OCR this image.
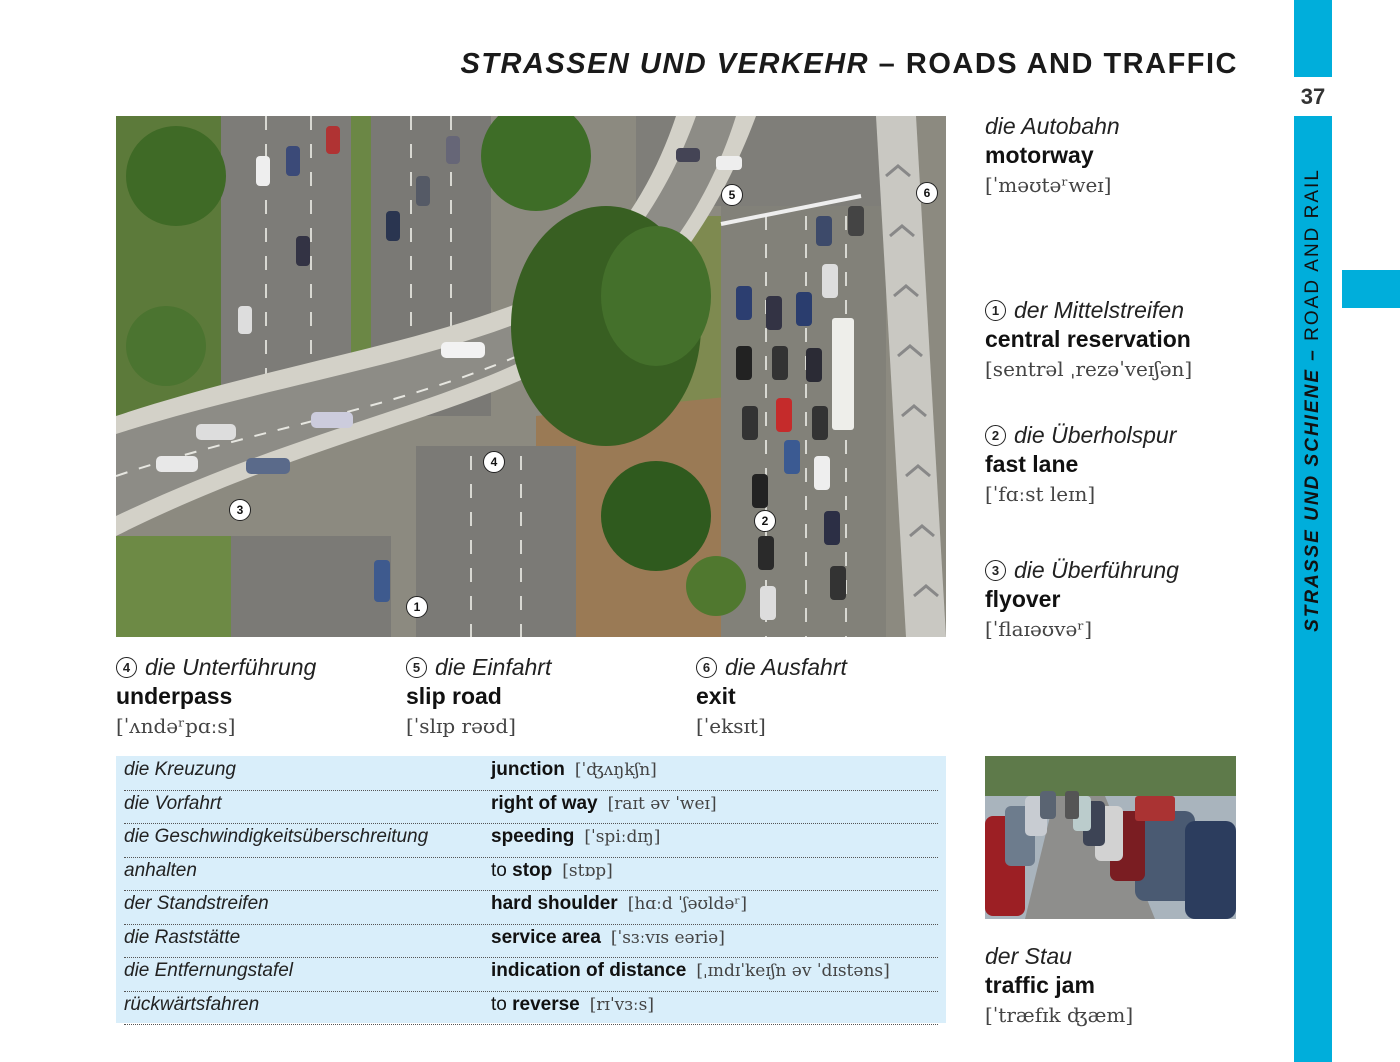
STRASSEN UND VERKEHR – ROADS AND TRAFFIC
37
STRASSE UND SCHIENE – ROAD AND RAIL
1
2
3
4
5	6
die Autobahn
motorway
[ˈməʊtəʳweɪ]
1 der Mittelstreifen
central reservation
[sentrəl ˌrezəˈveɪʃən]
2 die Überholspur
fast lane
[ˈfɑːst leɪn]
3 die Überführung
flyover
[ˈflaɪəʊvəʳ]
4 die Unterführung
underpass
[ˈʌndəʳpɑːs]
5 die Einfahrt
slip road
[ˈslɪp rəʊd]
6 die Ausfahrt
exit
[ˈeksɪt]
die Kreuzung	junction [ˈʤʌŋkʃn]
die Vorfahrt	right of way [raɪt əv ˈweɪ]
die Geschwindigkeitsüberschreitung	speeding [ˈspiːdɪŋ]
anhalten	to stop [stɒp]
der Standstreifen	hard shoulder [hɑːd ˈʃəʊldəʳ]
die Raststätte	service area [ˈsɜːvɪs eəriə]
die Entfernungstafel	indication of distance [ˌɪndɪˈkeɪʃn əv ˈdɪstəns]
rückwärtsfahren	to reverse [rɪˈvɜːs]
der Stau
traffic jam
[ˈtræfɪk ʤæm]
